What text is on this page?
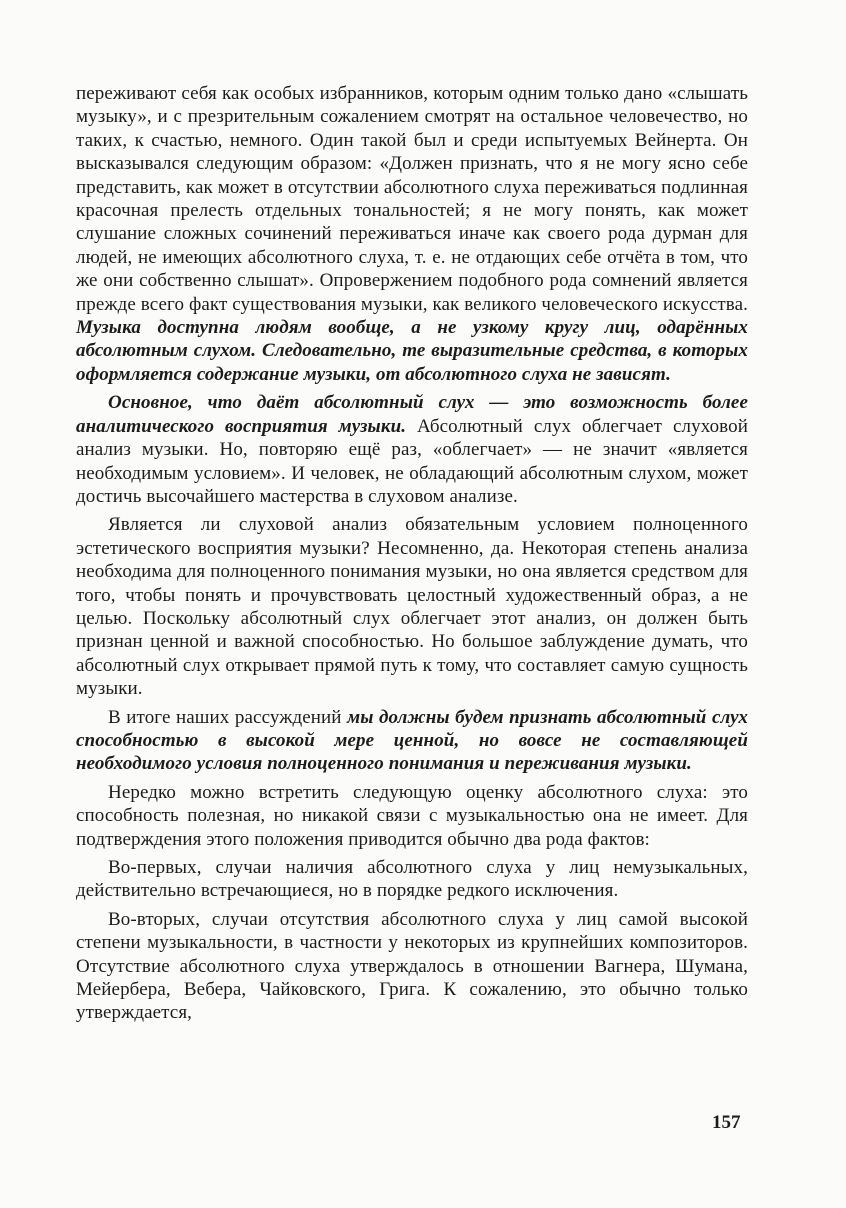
переживают себя как особых избранников, которым одним только дано «слышать музыку», и с презрительным сожалением смотрят на остальное человечество, но таких, к счастью, немного. Один такой был и среди испытуемых Вейнерта. Он высказывался следующим образом: «Должен признать, что я не могу ясно себе представить, как может в отсутствии абсолютного слуха переживаться подлинная красочная прелесть отдельных тональностей; я не могу понять, как может слушание сложных сочинений переживаться иначе как своего рода дурман для людей, не имеющих абсолютного слуха, т. е. не отдающих себе отчёта в том, что же они собственно слышат». Опровержением подобного рода сомнений является прежде всего факт существования музыки, как великого человеческого искусства. Музыка доступна людям вообще, а не узкому кругу лиц, одарённых абсолютным слухом. Следовательно, те выразительные средства, в которых оформляется содержание музыки, от абсолютного слуха не зависят.

Основное, что даёт абсолютный слух — это возможность более аналитического восприятия музыки. Абсолютный слух облегчает слуховой анализ музыки. Но, повторяю ещё раз, «облегчает» — не значит «является необходимым условием». И человек, не обладающий абсолютным слухом, может достичь высочайшего мастерства в слуховом анализе.

Является ли слуховой анализ обязательным условием полноценного эстетического восприятия музыки? Несомненно, да. Некоторая степень анализа необходима для полноценного понимания музыки, но она является средством для того, чтобы понять и прочувствовать целостный художественный образ, а не целью. Поскольку абсолютный слух облегчает этот анализ, он должен быть признан ценной и важной способностью. Но большое заблуждение думать, что абсолютный слух открывает прямой путь к тому, что составляет самую сущность музыки.

В итоге наших рассуждений мы должны будем признать абсолютный слух способностью в высокой мере ценной, но вовсе не составляющей необходимого условия полноценного понимания и переживания музыки.

Нередко можно встретить следующую оценку абсолютного слуха: это способность полезная, но никакой связи с музыкальностью она не имеет. Для подтверждения этого положения приводится обычно два рода фактов:

Во-первых, случаи наличия абсолютного слуха у лиц немузыкальных, действительно встречающиеся, но в порядке редкого исключения.

Во-вторых, случаи отсутствия абсолютного слуха у лиц самой высокой степени музыкальности, в частности у некоторых из крупнейших композиторов. Отсутствие абсолютного слуха утверждалось в отношении Вагнера, Шумана, Мейербера, Вебера, Чайковского, Грига. К сожалению, это обычно только утверждается,

157
